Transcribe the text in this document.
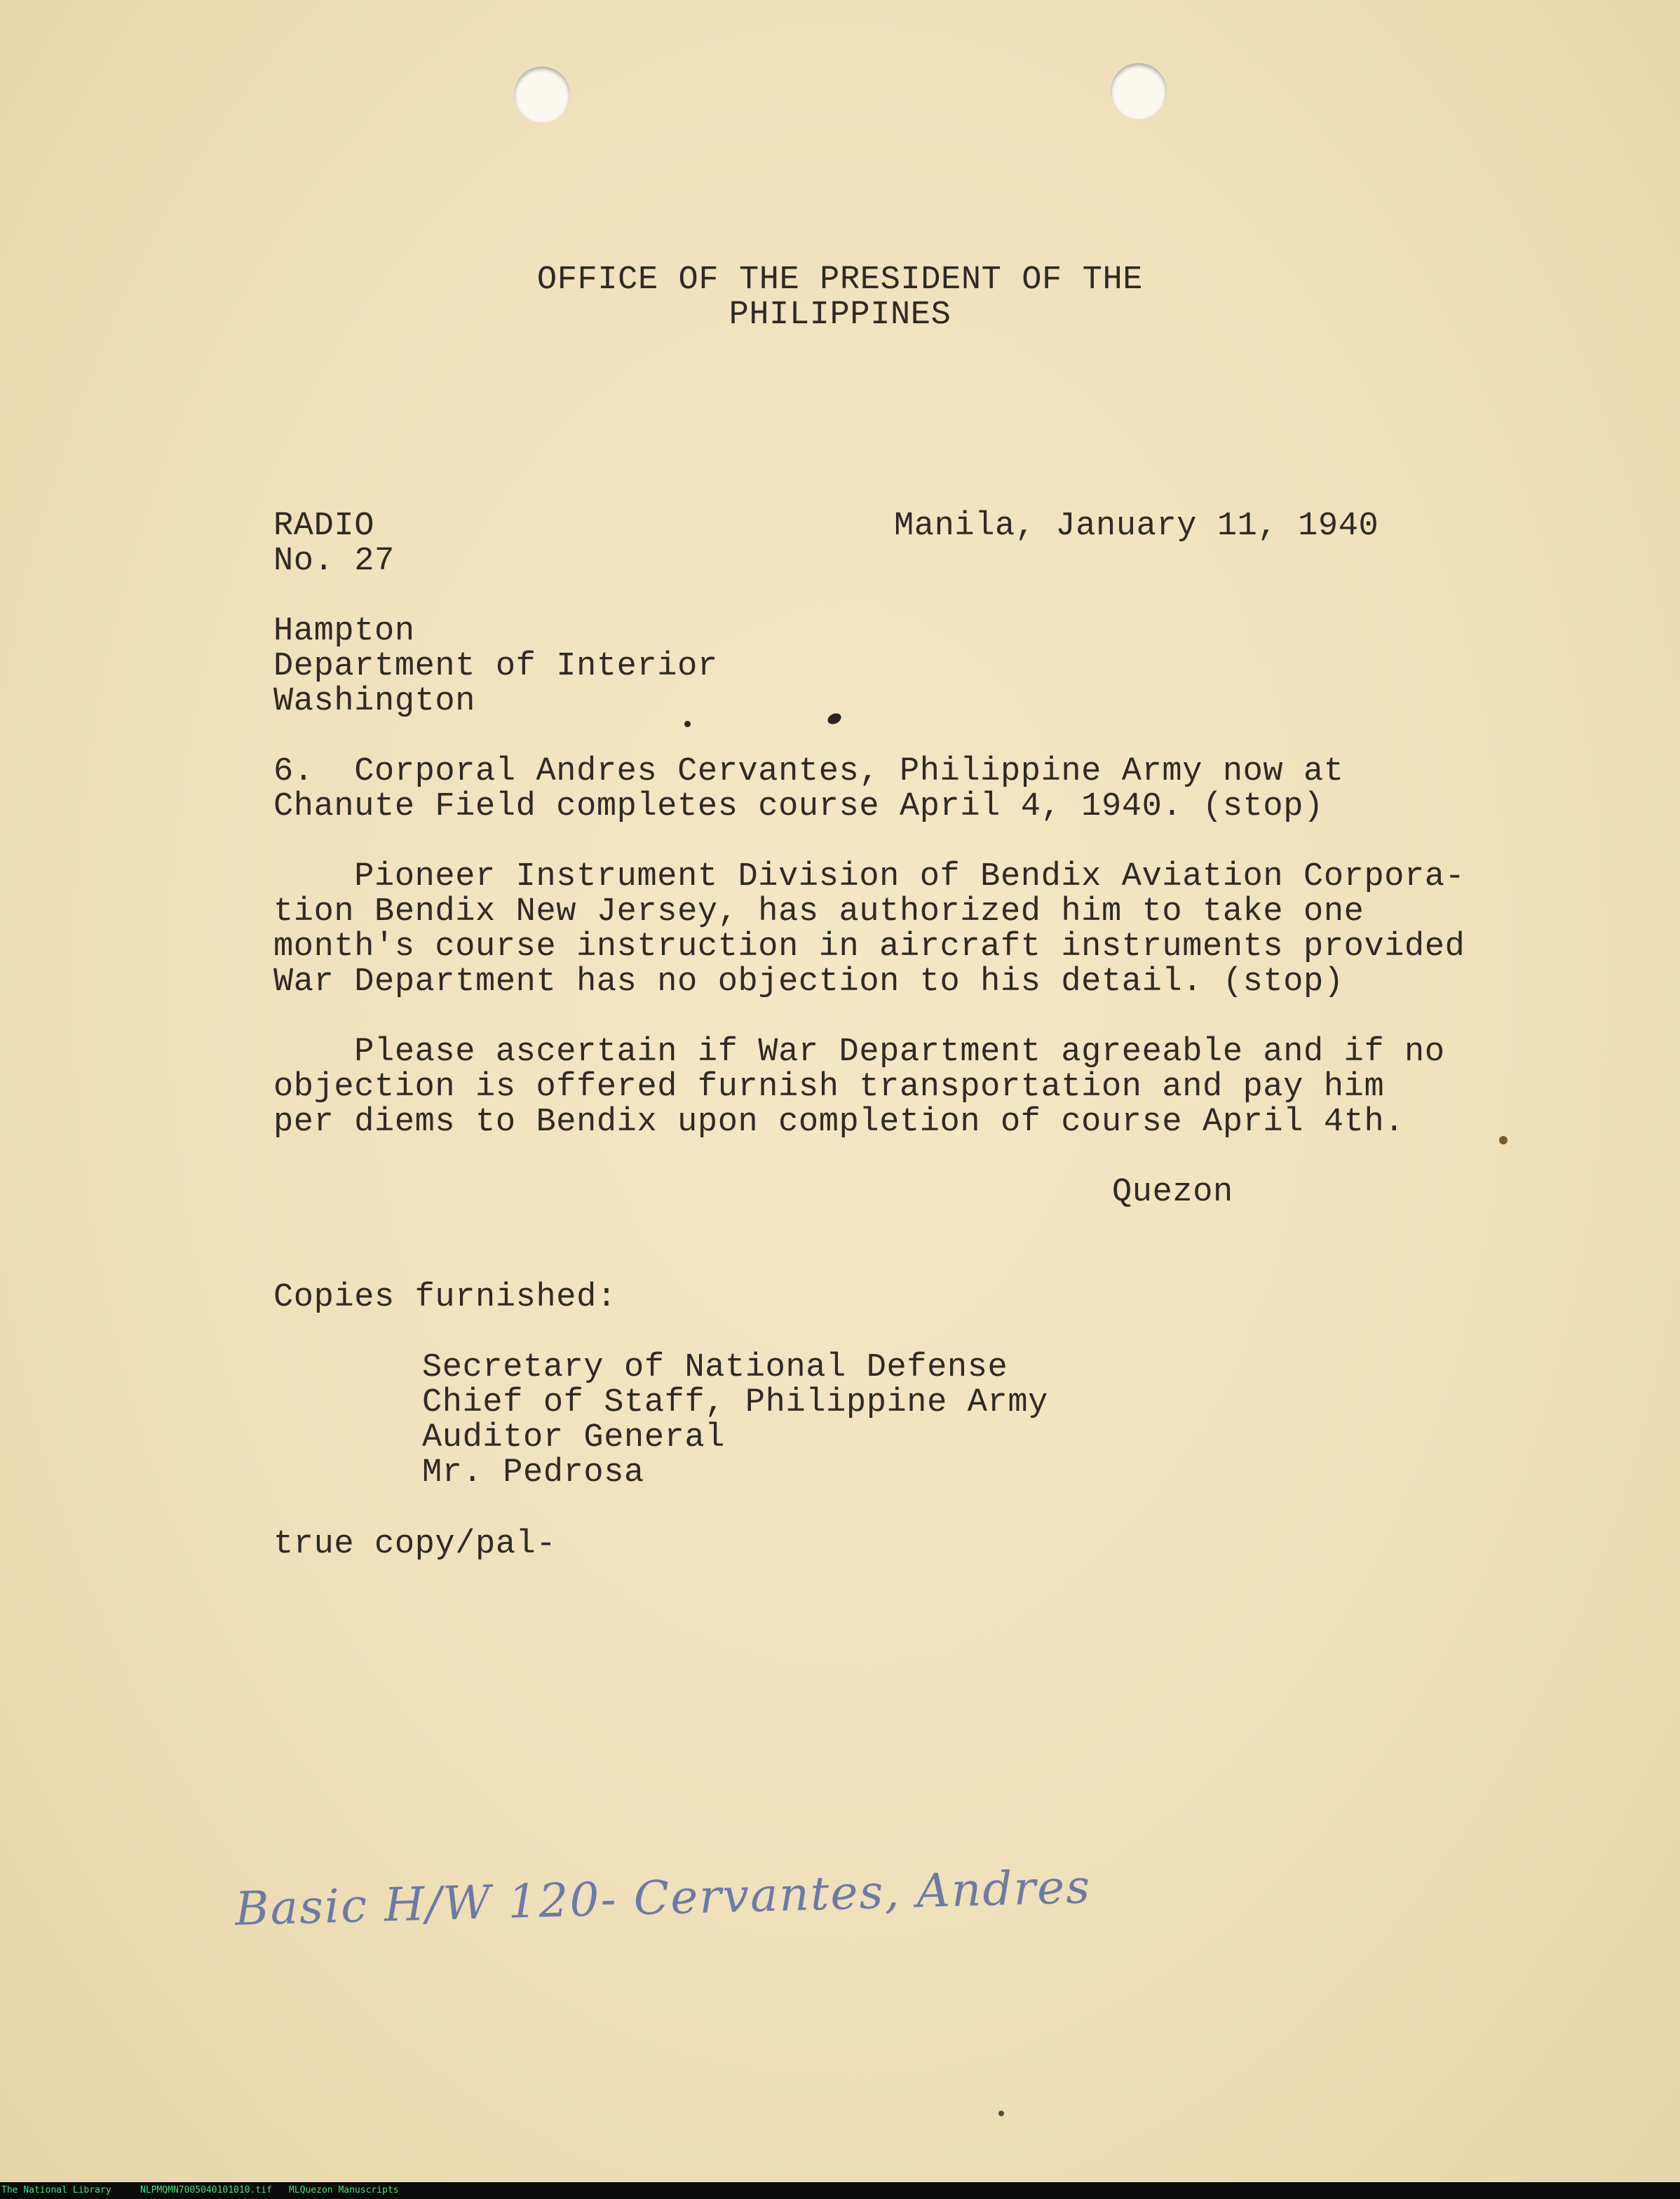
OFFICE OF THE PRESIDENT OF THE
PHILIPPINES
RADIO
No. 27
Manila, January 11, 1940
Hampton
Department of Interior
Washington
6.  Corporal Andres Cervantes, Philippine Army now at
Chanute Field completes course April 4, 1940. (stop)
Pioneer Instrument Division of Bendix Aviation Corpora-
tion Bendix New Jersey, has authorized him to take one
month's course instruction in aircraft instruments provided
War Department has no objection to his detail. (stop)
Please ascertain if War Department agreeable and if no
objection is offered furnish transportation and pay him
per diems to Bendix upon completion of course April 4th.
Quezon
Copies furnished:
Secretary of National Defense
Chief of Staff, Philippine Army
Auditor General
Mr. Pedrosa
true copy/pal-
Basic H/W 120- Cervantes, Andres
The National Library	NLPMQMN7005040101010.tif MLQuezon Manuscripts
